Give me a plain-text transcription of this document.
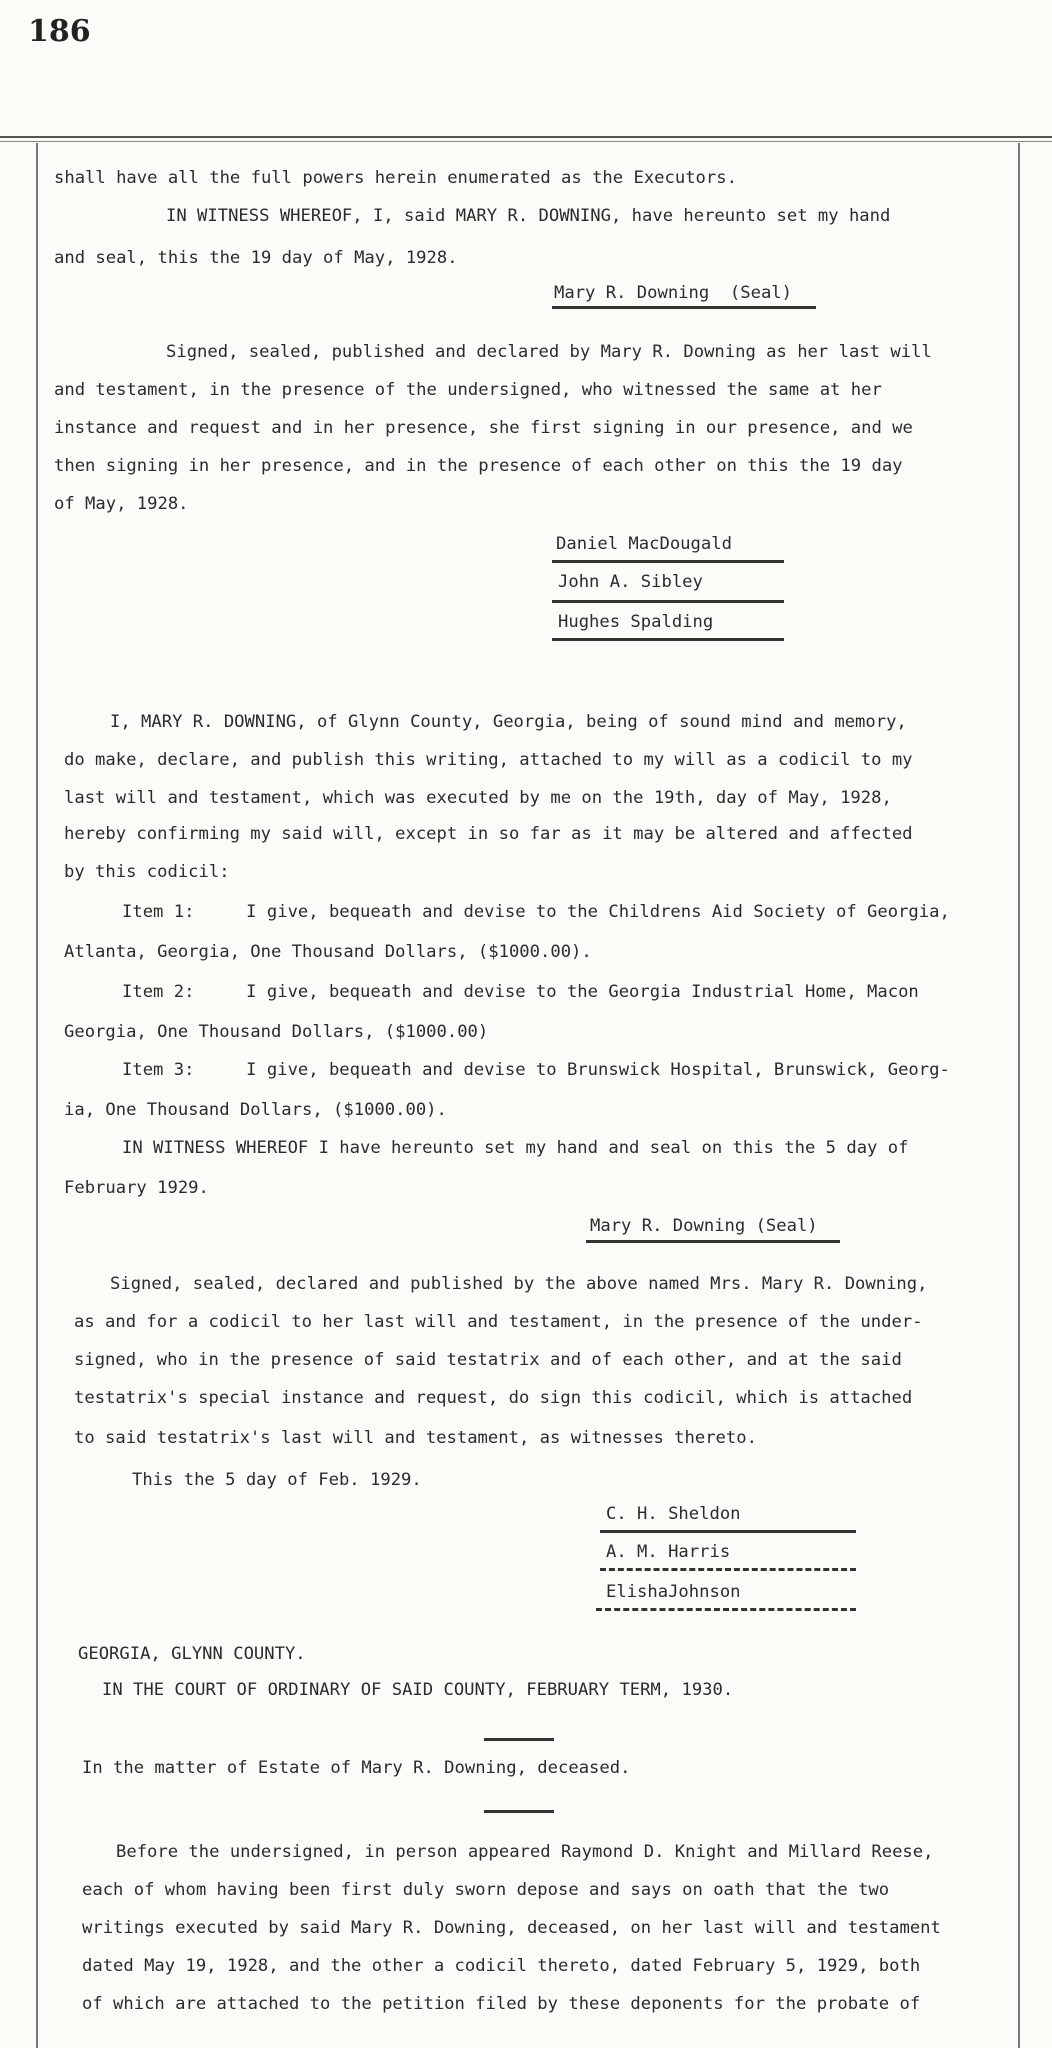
186
shall have all the full powers herein enumerated as the Executors.
IN WITNESS WHEREOF, I, said MARY R. DOWNING, have hereunto set my hand
and seal, this the 19 day of May, 1928.
Mary R. Downing  (Seal)
Signed, sealed, published and declared by Mary R. Downing as her last will
and testament, in the presence of the undersigned, who witnessed the same at her
instance and request and in her presence, she first signing in our presence, and we
then signing in her presence, and in the presence of each other on this the 19 day
of May, 1928.
Daniel MacDougald
John A. Sibley
Hughes Spalding
I, MARY R. DOWNING, of Glynn County, Georgia, being of sound mind and memory,
do make, declare, and publish this writing, attached to my will as a codicil to my
last will and testament, which was executed by me on the 19th, day of May, 1928,
hereby confirming my said will, except in so far as it may be altered and affected
by this codicil:
Item 1:     I give, bequeath and devise to the Childrens Aid Society of Georgia,
Atlanta, Georgia, One Thousand Dollars, ($1000.00).
Item 2:     I give, bequeath and devise to the Georgia Industrial Home, Macon
Georgia, One Thousand Dollars, ($1000.00)
Item 3:     I give, bequeath and devise to Brunswick Hospital, Brunswick, Georg-
ia, One Thousand Dollars, ($1000.00).
IN WITNESS WHEREOF I have hereunto set my hand and seal on this the 5 day of
February 1929.
Mary R. Downing (Seal)
Signed, sealed, declared and published by the above named Mrs. Mary R. Downing,
as and for a codicil to her last will and testament, in the presence of the under-
signed, who in the presence of said testatrix and of each other, and at the said
testatrix's special instance and request, do sign this codicil, which is attached
to said testatrix's last will and testament, as witnesses thereto.
This the 5 day of Feb. 1929.
C. H. Sheldon
A. M. Harris
ElishaJohnson
GEORGIA, GLYNN COUNTY.
IN THE COURT OF ORDINARY OF SAID COUNTY, FEBRUARY TERM, 1930.
In the matter of Estate of Mary R. Downing, deceased.
Before the undersigned, in person appeared Raymond D. Knight and Millard Reese,
each of whom having been first duly sworn depose and says on oath that the two
writings executed by said Mary R. Downing, deceased, on her last will and testament
dated May 19, 1928, and the other a codicil thereto, dated February 5, 1929, both
of which are attached to the petition filed by these deponents for the probate of
